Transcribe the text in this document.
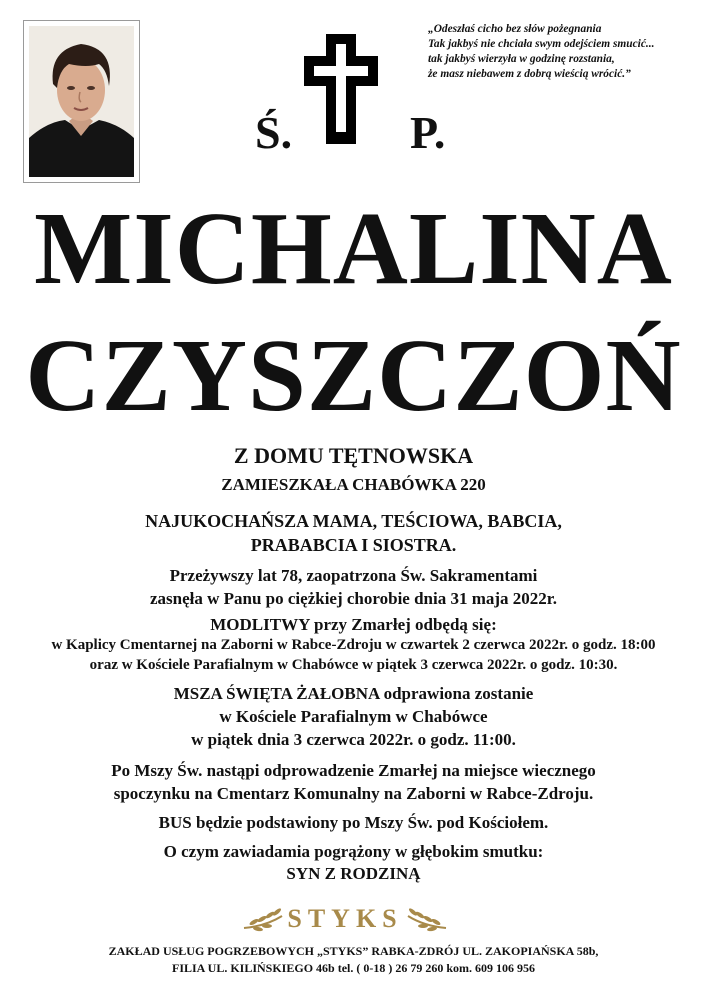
Ś.	P.
„Odeszłaś cicho bez słów pożegnania
Tak jakbyś nie chciała swym odejściem smucić...
tak jakbyś wierzyła w godzinę rozstania,
że masz niebawem z dobrą wieścią wrócić.”
MICHALINA
CZYSZCZOŃ
Z DOMU TĘTNOWSKA
ZAMIESZKAŁA CHABÓWKA 220
NAJUKOCHAŃSZA MAMA, TEŚCIOWA, BABCIA,
PRABABCIA I SIOSTRA.
Przeżywszy lat 78, zaopatrzona Św. Sakramentami
zasnęła w Panu po ciężkiej chorobie dnia 31 maja 2022r.
MODLITWY przy Zmarłej odbędą się:
w Kaplicy Cmentarnej na Zaborni w Rabce-Zdroju w czwartek 2 czerwca 2022r. o godz. 18:00
oraz w Kościele Parafialnym w Chabówce w piątek 3 czerwca 2022r. o godz. 10:30.
MSZA ŚWIĘTA ŻAŁOBNA odprawiona zostanie
w Kościele Parafialnym w Chabówce
w piątek dnia 3 czerwca 2022r. o godz. 11:00.
Po Mszy Św. nastąpi odprowadzenie Zmarłej na miejsce wiecznego
spoczynku na Cmentarz Komunalny na Zaborni w Rabce-Zdroju.
BUS będzie podstawiony po Mszy Św. pod Kościołem.
O czym zawiadamia pogrążony w głębokim smutku:
SYN Z RODZINĄ
STYKS
ZAKŁAD USŁUG POGRZEBOWYCH „STYKS” RABKA-ZDRÓJ UL. ZAKOPIAŃSKA 58b,
FILIA UL. KILIŃSKIEGO 46b tel. ( 0-18 ) 26 79 260 kom. 609 106 956
